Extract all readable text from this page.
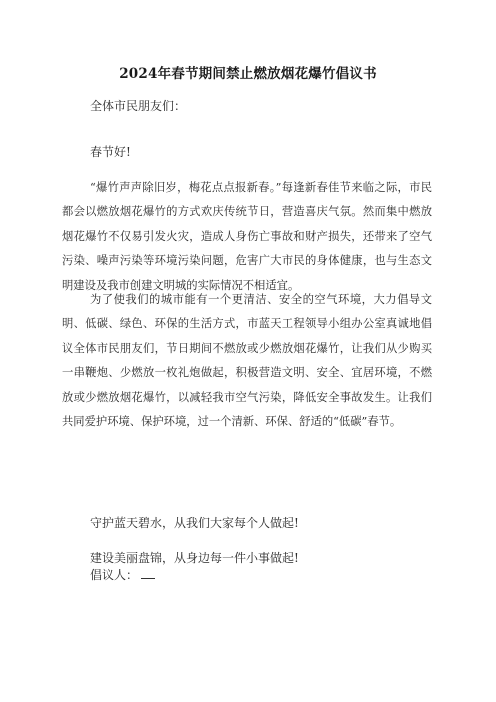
2024年春节期间禁止燃放烟花爆竹倡议书
全体市民朋友们：
春节好!

“爆竹声声除旧岁，梅花点点报新春。”每逢新春佳节来临之际，市民都会以燃放烟花爆竹的方式欢庆传统节日，营造喜庆气氛。然而集中燃放烟花爆竹不仅易引发火灾，造成人身伤亡事故和财产损失，还带来了空气污染、噪声污染等环境污染问题，危害广大市民的身体健康，也与生态文明建设及我市创建文明城的实际情况不相适宜。

为了使我们的城市能有一个更清洁、安全的空气环境，大力倡导文明、低碳、绿色、环保的生活方式，市蓝天工程领导小组办公室真诚地倡议全体市民朋友们，节日期间不燃放或少燃放烟花爆竹，让我们从少购买一串鞭炮、少燃放一枚礼炮做起，积极营造文明、安全、宜居环境，不燃放或少燃放烟花爆竹，以减轻我市空气污染，降低安全事故发生。让我们共同爱护环境、保护环境，过一个清新、环保、舒适的“低碳”春节。

守护蓝天碧水，从我们大家每个人做起!
建设美丽盘锦，从身边每一件小事做起!
倡议人：
